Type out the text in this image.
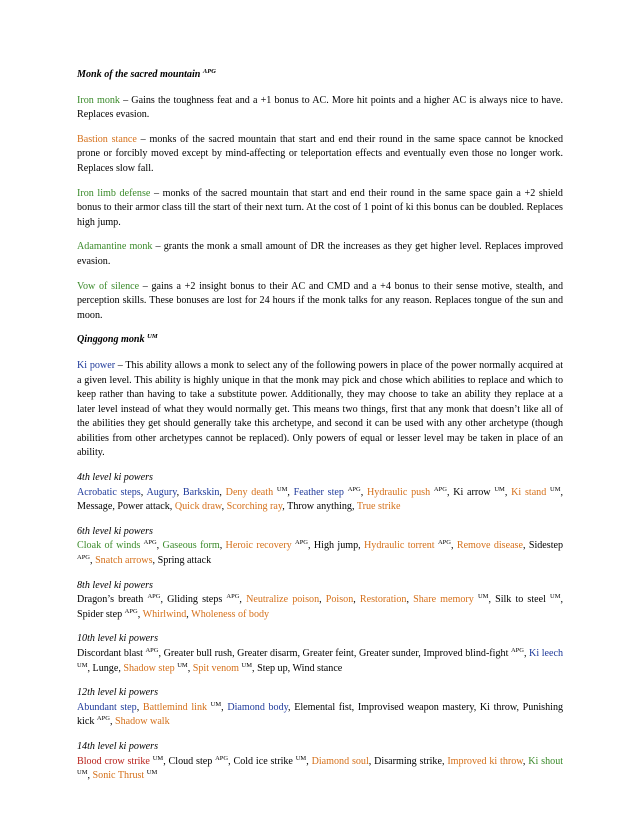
Monk of the sacred mountain $^{APG}$

Iron monk – Gains the toughness feat and a +1 bonus to AC. More hit points and a higher AC is always nice to have. Replaces evasion.

Bastion stance – monks of the sacred mountain that start and end their round in the same space cannot be knocked prone or forcibly moved except by mind-affecting or teleportation effects and eventually even those no longer work. Replaces slow fall.

Iron limb defense – monks of the sacred mountain that start and end their round in the same space gain a +2 shield bonus to their armor class till the start of their next turn. At the cost of 1 point of ki this bonus can be doubled. Replaces high jump.

Adamantine monk – grants the monk a small amount of DR the increases as they get higher level. Replaces improved evasion.

Vow of silence – gains a +2 insight bonus to their AC and CMD and a +4 bonus to their sense motive, stealth, and perception skills. These bonuses are lost for 24 hours if the monk talks for any reason. Replaces tongue of the sun and moon.

Qinggong monk $^{UM}$

Ki power – This ability allows a monk to select any of the following powers in place of the power normally acquired at a given level. This ability is highly unique in that the monk may pick and chose which abilities to replace and which to keep rather than having to take a substitute power. Additionally, they may choose to take an ability they replace at a later level instead of what they would normally get. This means two things, first that any monk that doesn’t like all of the abilities they get should generally take this archetype, and second it can be used with any other archetype (though abilities from other archetypes cannot be replaced). Only powers of equal or lesser level may be taken in place of an ability.

4th level ki powers

Acrobatic steps, Augury, Barkskin, Deny death $^{UM}$, Feather step $^{APG}$, Hydraulic push $^{APG}$, Ki arrow $^{UM}$, Ki stand $^{UM}$, Message, Power attack, Quick draw, Scorching ray, Throw anything, True strike

6th level ki powers

Cloak of winds $^{APG}$, Gaseous form, Heroic recovery $^{APG}$, High jump, Hydraulic torrent $^{APG}$, Remove disease, Sidestep $^{APG}$, Snatch arrows, Spring attack

8th level ki powers

Dragon’s breath $^{APG}$, Gliding steps $^{APG}$, Neutralize poison, Poison, Restoration, Share memory $^{UM}$, Silk to steel $^{UM}$, Spider step $^{APG}$, Whirlwind, Wholeness of body

10th level ki powers

Discordant blast $^{APG}$, Greater bull rush, Greater disarm, Greater feint, Greater sunder, Improved blind-fight $^{APG}$, Ki leech $^{UM}$, Lunge, Shadow step $^{UM}$, Spit venom $^{UM}$, Step up, Wind stance

12th level ki powers

Abundant step, Battlemind link $^{UM}$, Diamond body, Elemental fist, Improvised weapon mastery, Ki throw, Punishing kick $^{APG}$, Shadow walk

14th level ki powers

Blood crow strike $^{UM}$, Cloud step $^{APG}$, Cold ice strike $^{UM}$, Diamond soul, Disarming strike, Improved ki throw, Ki shout $^{UM}$, Sonic Thrust $^{UM}$
